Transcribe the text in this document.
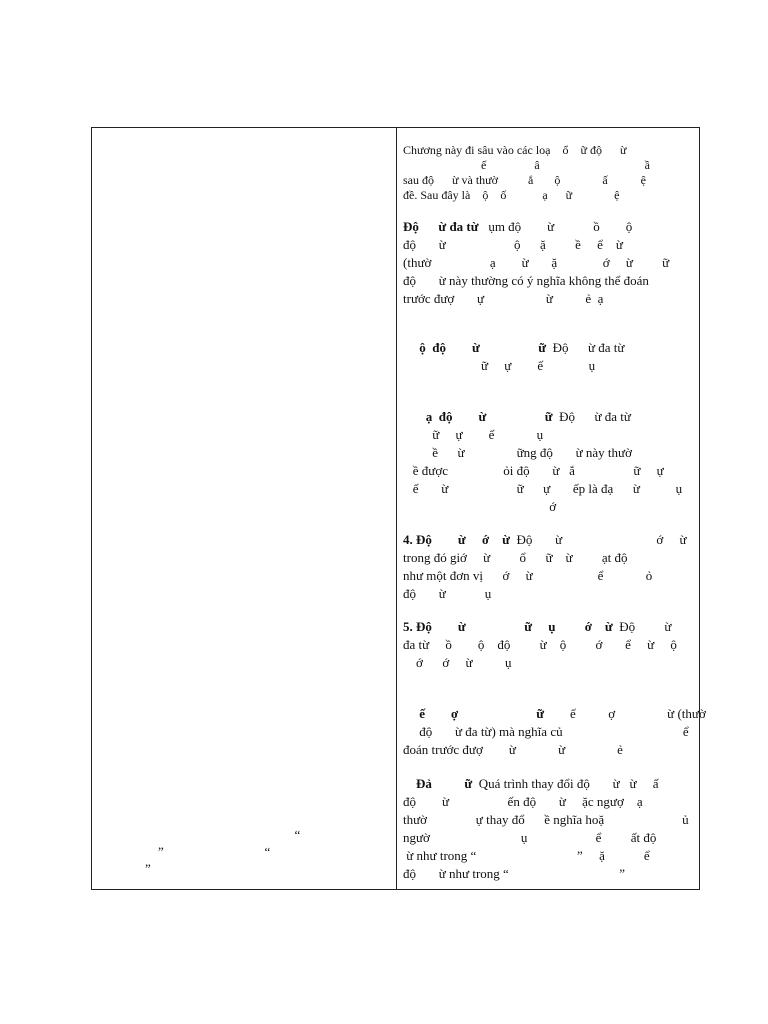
“
”                               “
”
Chương này đi sâu vào các loạ    ổ    ữ độ      ừ
ế                â                                   ầ
sau độ      ừ và thườ          ắ       ộ              ấ           ệ
đề. Sau đây là    ộ    ố            ạ      ữ              ệ
Độ      ừ đa từ   ụm độ        ừ            ồ        ộ
độ       ừ                     ộ      ặ         ề     ể    ừ
(thườ                  ạ        ừ       ặ              ớ     ừ         ữ
độ       ừ này thường có ý nghĩa không thể đoán
trước đượ       ự                   ừ          ẻ  ạ
ộ  độ        ừ                  ữ  Độ      ừ đa từ
ữ     ự        ế              ụ
ạ  độ        ừ                  ữ  Độ      ừ đa từ
ữ     ự        ế             ụ
ề      ừ                ững độ       ừ này thườ
ề được                 ỏi độ       ừ   ắ                  ữ     ự
ế       ừ                     ữ      ự       ếp là đạ      ừ           ụ
ớ
4. Độ        ừ     ớ    ừ  Độ       ừ                             ớ     ừ
trong đó giớ     ừ         ổ      ữ    ừ         ạt độ
như một đơn vị      ớ     ừ                    ể             ỏ
độ       ừ            ụ
5. Độ        ừ                  ữ     ụ         ớ    ừ  Độ         ừ
đa từ     ồ        ộ    độ         ừ    ộ         ớ       ể     ừ     ộ
ớ      ớ     ừ          ụ
ế        ợ                        ữ        ế          ợ                ừ (thườ
độ       ừ đa từ) mà nghĩa củ                                     ể
đoán trước đượ        ừ             ừ                ẻ
Đả          ữ  Quá trình thay đổi độ       ừ   ừ     ấ
độ        ừ                  ến độ       ừ     ặc ngượ    ạ
thườ               ự thay đổ      ề nghĩa hoặ                        ủ
ngườ                            ụ                     ể         ất độ
ừ như trong “                               ”     ặ            ể
độ       ừ như trong “                                  ”
